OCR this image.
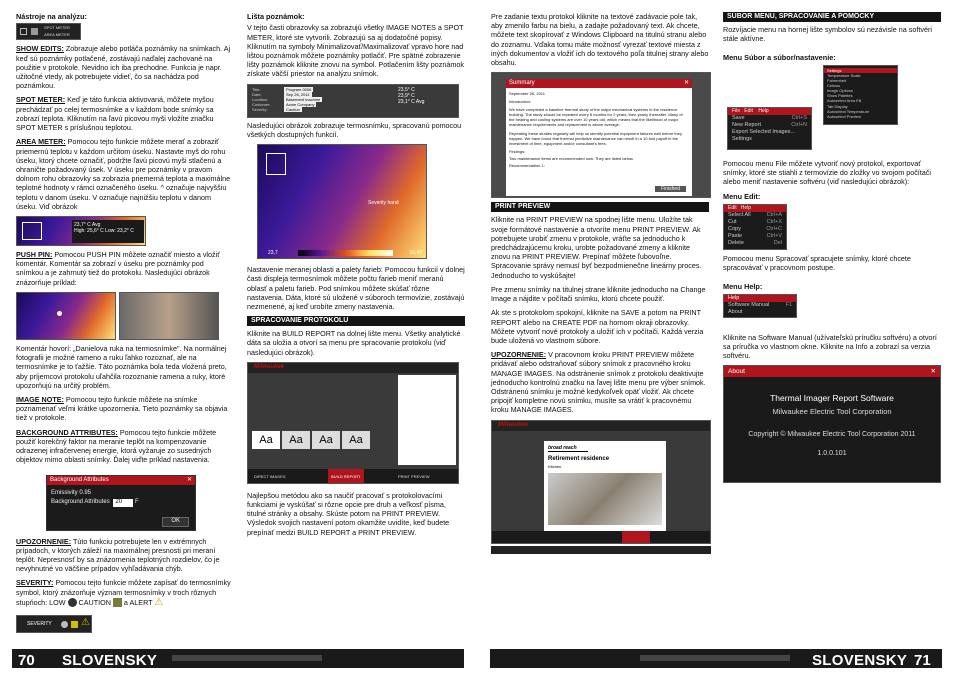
Nástroje na analýzu:
SPOT METER
AREA METER

SHOW EDITS: Zobrazuje alebo potláča poznámky na snímkach. Aj keď sú poznámky potlačené, zostávajú naďalej zachované na použitie v protokole. Nevidno ich iba prechodne. Funkcia je napr. užitočné vtedy, ak potrebujete vidieť, čo sa nachádza pod poznámkou.

SPOT METER: Keď je táto funkcia aktivovaná, môžete myšou prechádzať po celej termosnímke a v každom bode snímky sa zobrazí teplota. Kliknutím na ľavú picovou myši vložíte značku SPOT METER s príslušnou teplotou.

AREA METER: Pomocou tejto funkcie môžete merať a zobraziť priemernú teplotu v každom určitom úseku. Nastavte myš do rohu úseku, ktorý chcete označiť, podržte ľavú picovú myši stlačenú a ohraničte požadovaný úsek. V úseku pre poznámky v pravom dolnom rohu obrazovky sa zobrazia priemerná teplota a maximálne teplotné hodnoty v rámci označeného úseku. ^ označuje najvyššiu teplotu v danom úseku. V označuje najnižšiu teplotu v danom úseku. Viď obrázok

23,7° C Avg
High: 25,6° C Low: 23,2° C

PUSH PIN: Pomocou PUSH PIN môžete označiť miesto a vložiť komentár. Komentár sa zobrazí v úseku pre poznámky pod snímkou a je zahrnutý tiež do protokolu. Nasledujúci obrázok znázorňuje príklad:

Komentár hovorí: „Danielova ruka na termosnímke". Na normálnej fotografii je možné rameno a ruku ľahko rozoznať, ale na termosnímke je to ťažšie. Táto poznámka bola teda vložená preto, aby príjemcovi protokolu uľahčila rozoznanie ramena a ruky, ktoré upozorňujú na určitý problém.

IMAGE NOTE: Pomocou tejto funkcie môžete na snímke poznamenať veľmi krátke upozornenia. Tieto poznámky sa objavia tiež v protokole.

BACKGROUND ATTRIBUTES: Pomocou tejto funkcie môžete použiť korekčný faktor na meranie teplôt na kompenzovanie odrazenej infračervenej energie, ktorá vyžaruje zo susedných objektov mimo oblasti snímky. Ďalej viďte príklad nastavenia.

Background Attributes	✕
Emissivity 0.95
Background Attributes 20 F
OK

UPOZORNENIE: Túto funkciu potrebujete len v extrémnych prípadoch, v ktorých záleží na maximálnej presnosti pri meraní teplôt. Nepresnosť by sa znázornenia teplotných rozdielov, čo je nevyhnutné vo väčšine prípadov vyhľadávania chýb.

SEVERITY: Pomocou tejto funkcie môžete zapísať do termosnímky symbol, ktorý znázorňuje význam termosnímky v troch rôznych stupňoch: LOW  CAUTION  a ALERT ⚠

SEVERITY	⚠
Lišta poznámok:

V tejto časti obrazovky sa zobrazujú všetky IMAGE NOTES a SPOT METER, ktoré ste vytvorili. Zobrazujú sa aj dodatočné popisy. Kliknutím na symboly Minimalizovať/Maximalizovať vpravo hore nad lištou poznámok môžete poznámky potlačiť. Pre spätné zobrazenie lišty poznámok kliknite znovu na symbol. Potlačením lišty poznámok získate väčší priestor na analýzu snímok.

Title:	Program 0006
Date:	Sep 26, 2011
Location:	Basement machine
Customer:	Acme Company
Severity:	Caution
23,5° C
23,9° C
23,1° C Avg

Nasledujúci obrázok zobrazuje termosnímku, spracovanú pomocou všetkých dostupných funkcií.

Severity hand
23,7	16,47

Nastavenie meranej oblasti a palety farieb: Pomocou funkcií v dolnej časti displeja termosnímok môžete počtu farieb meniť meranú oblasť a paletu farieb. Pod snímkou môžete skúšať rôzne nastavenia. Dáta, ktoré sú uložené v súboroch termovízie, zostávajú nezmenené, aj keď urobíte zmeny nastavenia.

SPRACOVANIE PROTOKOLU

Kliknite na BUILD REPORT na dolnej lište menu. Všetky analytické dáta sa uložia a otvorí sa menu pre spracovanie protokolu (viď nasledujúci obrázok).

Milwaukee
Aa	Aa	Aa	Aa
DIRECT IMAGES	BUILD REPORT	PRINT PREVIEW

Najlepšou metódou ako sa naučiť pracovať s protokolovacími funkciami je vyskúšať si rôzne opcie pre druh a veľkosť písma, titulné stránky a obsahy. Skúste potom na PRINT PREVIEW. Výsledok svojich nastavení potom okamžite uvidíte, keď budete prepínať medzi BUILD REPORT a PRINT PREVIEW.

70 SLOVENSKY

Pre zadanie textu protokol kliknite na textové zadávacie pole tak, aby zmenilo farbu na bielu, a zadajte požadovaný text. Ak chcete, môžete text skopírovať z Windows Clipboard na titulnú stranu alebo do zoznamu. Vďaka tomu máte možnosť vyrezať textové miesta z iných dokumentov a vložiť ich do textového poľa titulnej strany alebo obsahu.

Summary	✕
September 26, 2011
Introduction:
We have completed a baseline thermal study of the major mechanical systems in the residence building. The study should be repeated every 6 months for 2 years, then yearly thereafter. Many of the heating and cooling systems are over 10 years old, which means that the likelihood of major maintenance requirements and replacement is above average.
Repeating these studies regularly will help us identify potential equipment failures well before they happen. We have found that thermal predictive maintenance can result in a 10-fold payoff in the investment of time, equipment and/or consultant's fees.
Findings:
Two maintenance items are recommended now. They are listed below.
Recommendation 1:
Finished
PRINT PREVIEW

Kliknite na PRINT PREVIEW na spodnej lište menu. Uložíte tak svoje formátové nastavenie a otvoríte menu PRINT PREVIEW. Ak potrebujete urobiť zmenu v protokole, vráťte sa jednoducho k predchádzajúcemu kroku, urobte požadované zmeny a kliknite znovu na PRINT PREVIEW. Prepínať môžete ľubovoľne. Spracovanie správy nemusí byť bezpodmienečne lineárny proces. Jednoducho to vyskúšajte!

Pre zmenu snímky na titulnej strane kliknite jednoducho na Change Image a nájdite v počítači snímku, ktorú chcete použiť.

Ak ste s protokolom spokojní, kliknite na SAVE a potom na PRINT REPORT alebo na CREATE PDF na hornom okraji obrazovky. Môžete vytvoriť nové protokoly a uložiť ich v počítači. Každá verzia bude uložená vo vlastnom súbore.

UPOZORNENIE: V pracovnom kroku PRINT PREVIEW môžete pridávať alebo odstraňovať súbory snímok z pracovného kroku MANAGE IMAGES. Na odstránenie snímok z protokolu deaktivujte jednoducho kontrolnú značku na ľavej lište menu pre výber snímok. Odstránenú snímku je možné kedykoľvek opäť vložiť. Ak chcete pripojiť kompletne novú snímku, musíte sa vrátiť k pracovnému kroku MANAGE IMAGES.

Milwaukee
broad reach
Retirement residence
Kitchen
SÚBOR MENU, SPRACOVANIE A POMÔCKY

Rozvíjacie menu na hornej lište symbolov sú nezávisle na softvéri stále aktívne.

Menu Súbor a súbor/nastavenie:
Settings
Temperature Scale
Fahrenheit
Celsius
Image Options
Show Palettes
Autoselect Area Fill
Tab Display
Autoselect Temperature
Autoselect Preview
File Edit Help
Save	Ctrl+S
New Report	Ctrl+N
Export Selected Images...
Settings

Pomocou menu File môžete vytvoriť nový protokol, exportovať snímky, ktoré ste stiahli z termovízie do zložky vo svojom počítači alebo meniť nastavenie softvéru (viď nasledujúci obrázok):

Menu Edit:
Edit Help
Select All	Ctrl+A
Cut	Ctrl+X
Copy	Ctrl+C
Paste	Ctrl+V
Delete	Del

Pomocou menu Spracovať spracujete snímky, ktoré chcete spracovávať v pracovnom postupe.

Menu Help:
Help
Software Manual	F1
About

Kliknite na Software Manual (užívateľskú príručku softvéru) a otvorí sa príručka vo vlastnom okne. Kliknite na Info a zobrazí sa verzia softvéru.

About	✕
Thermal Imager Report Software
Milwaukee Electric Tool Corporation
Copyright © Milwaukee Electric Tool Corporation 2011
1.0.0.101
SLOVENSKY 71
